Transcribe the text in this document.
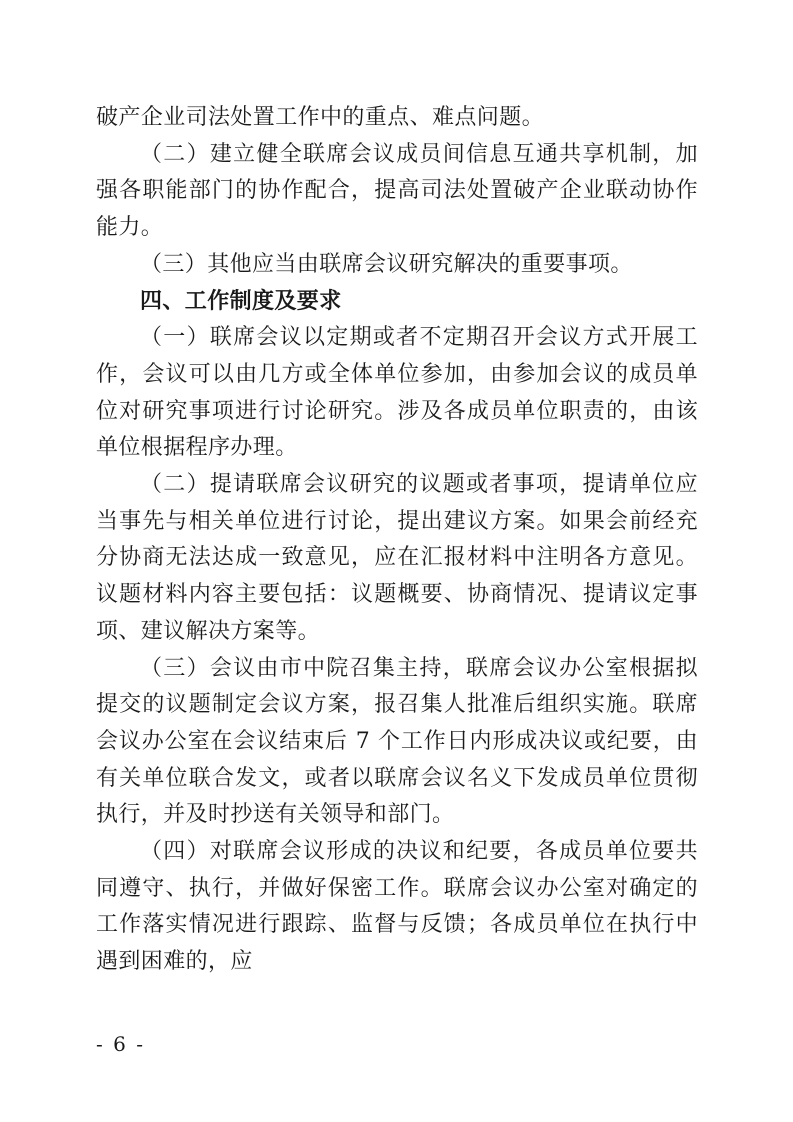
破产企业司法处置工作中的重点、难点问题。

（二）建立健全联席会议成员间信息互通共享机制，加强各职能部门的协作配合，提高司法处置破产企业联动协作能力。

（三）其他应当由联席会议研究解决的重要事项。

四、工作制度及要求

（一）联席会议以定期或者不定期召开会议方式开展工作，会议可以由几方或全体单位参加，由参加会议的成员单位对研究事项进行讨论研究。涉及各成员单位职责的，由该单位根据程序办理。

（二）提请联席会议研究的议题或者事项，提请单位应当事先与相关单位进行讨论，提出建议方案。如果会前经充分协商无法达成一致意见，应在汇报材料中注明各方意见。议题材料内容主要包括：议题概要、协商情况、提请议定事项、建议解决方案等。

（三）会议由市中院召集主持，联席会议办公室根据拟提交的议题制定会议方案，报召集人批准后组织实施。联席会议办公室在会议结束后 7 个工作日内形成决议或纪要，由有关单位联合发文，或者以联席会议名义下发成员单位贯彻执行，并及时抄送有关领导和部门。

（四）对联席会议形成的决议和纪要，各成员单位要共同遵守、执行，并做好保密工作。联席会议办公室对确定的工作落实情况进行跟踪、监督与反馈；各成员单位在执行中遇到困难的，应

- 6 -
